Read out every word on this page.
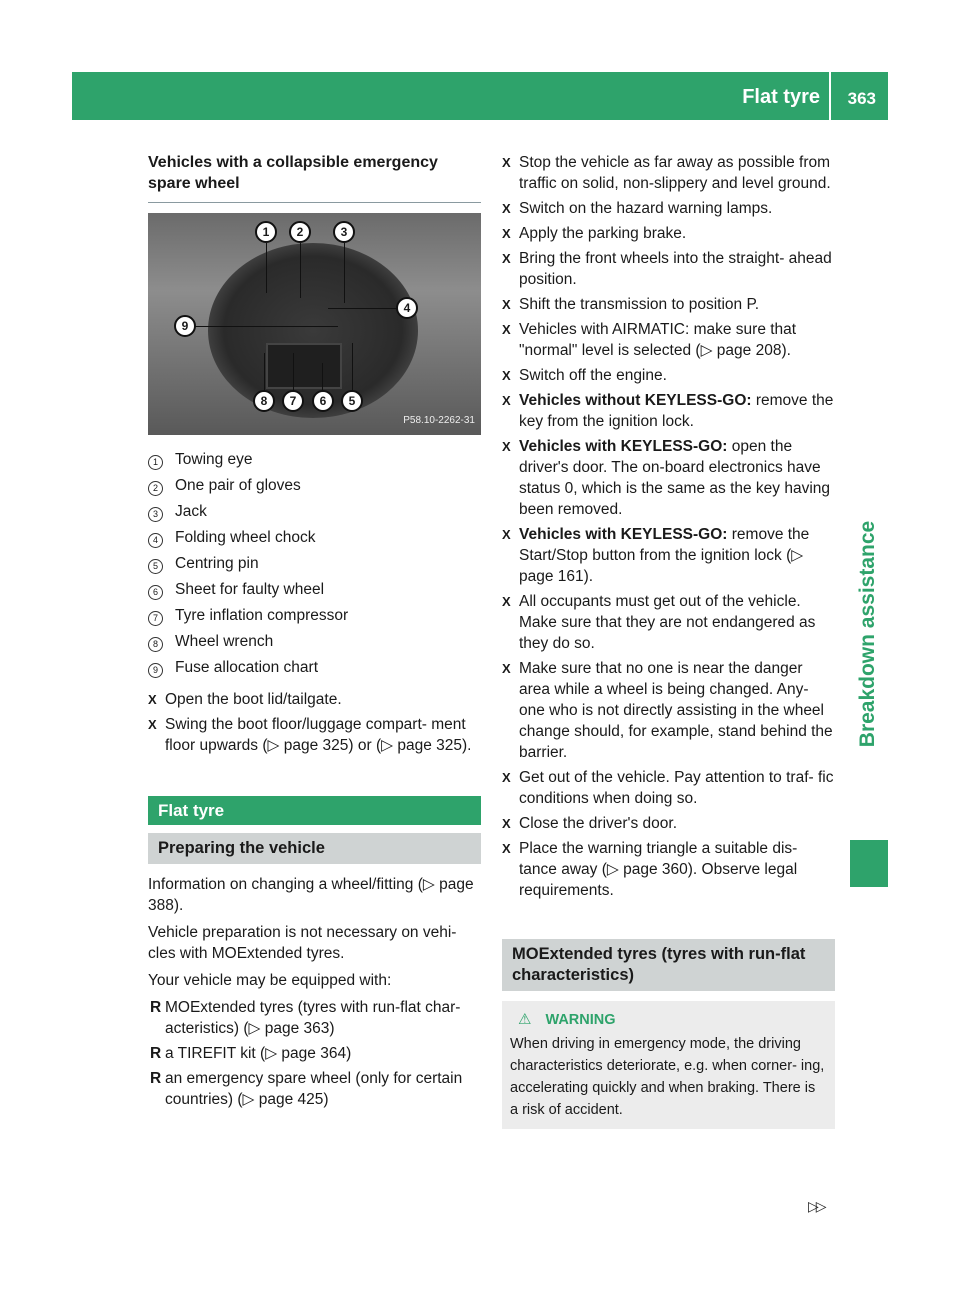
Flat tyre 363
Breakdown assistance
Vehicles with a collapsible emergency spare wheel
1	2	3
4
5
6
7
8
9
P58.10-2262-31
1	Towing eye
2	One pair of gloves
3	Jack
4	Folding wheel chock
5	Centring pin
6	Sheet for faulty wheel
7	Tyre inflation compressor
8	Wheel wrench
9	Fuse allocation chart
X Open the boot lid/tailgate.
X Swing the boot floor/luggage compart- ment floor upwards (▷ page 325) or (▷ page 325).
Flat tyre
Preparing the vehicle

Information on changing a wheel/fitting (▷ page 388).

Vehicle preparation is not necessary on vehi- cles with MOExtended tyres.

Your vehicle may be equipped with:

R MOExtended tyres (tyres with run-flat char- acteristics) (▷ page 363)
R a TIREFIT kit (▷ page 364)
R an emergency spare wheel (only for certain countries) (▷ page 425)
X Stop the vehicle as far away as possible from traffic on solid, non-slippery and level ground.
X Switch on the hazard warning lamps.
X Apply the parking brake.
X Bring the front wheels into the straight- ahead position.
X Shift the transmission to position P.
X Vehicles with AIRMATIC: make sure that "normal" level is selected (▷ page 208).
X Switch off the engine.
X Vehicles without KEYLESS-GO: remove the key from the ignition lock.
X Vehicles with KEYLESS-GO: open the driver's door. The on-board electronics have status 0, which is the same as the key having been removed.
X Vehicles with KEYLESS-GO: remove the Start/Stop button from the ignition lock (▷ page 161).
X All occupants must get out of the vehicle. Make sure that they are not endangered as they do so.
X Make sure that no one is near the danger area while a wheel is being changed. Any- one who is not directly assisting in the wheel change should, for example, stand behind the barrier.
X Get out of the vehicle. Pay attention to traf- fic conditions when doing so.
X Close the driver's door.
X Place the warning triangle a suitable dis- tance away (▷ page 360). Observe legal requirements.
MOExtended tyres (tyres with run-flat characteristics)
⚠ WARNING
When driving in emergency mode, the driving characteristics deteriorate, e.g. when corner- ing, accelerating quickly and when braking. There is a risk of accident.
▷▷
